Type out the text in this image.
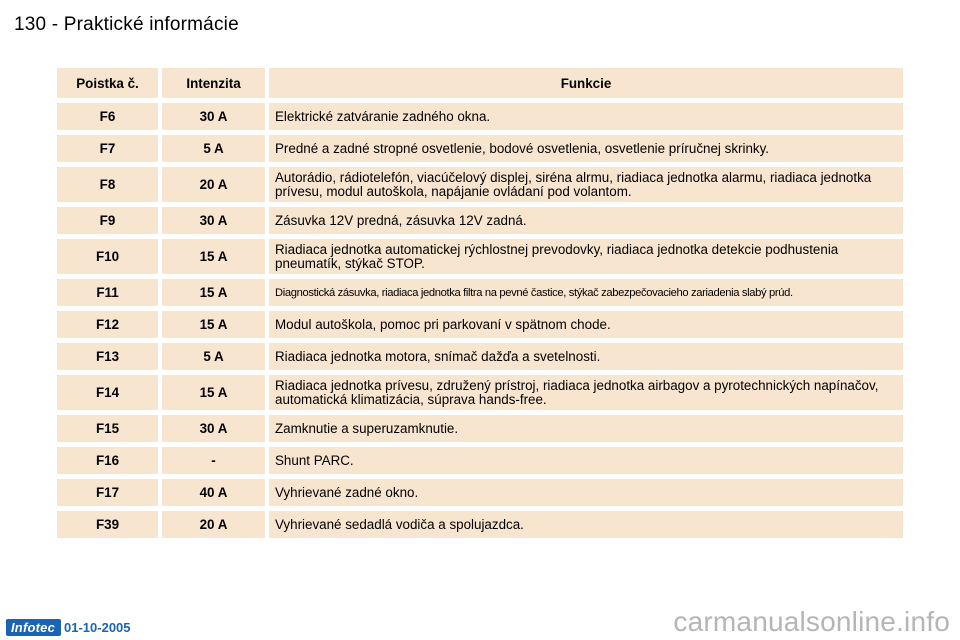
130 - Praktické informácie
Poistka č.	Intenzita	Funkcie
F6	30 A	Elektrické zatváranie zadného okna.
F7	5 A	Predné a zadné stropné osvetlenie, bodové osvetlenia, osvetlenie príručnej skrinky.
F8	20 A	Autorádio, rádiotelefón, viacúčelový displej, siréna alrmu, riadiaca jednotka alarmu, riadiaca jednotka prívesu, modul autoškola, napájanie ovládaní pod volantom.
F9	30 A	Zásuvka 12V predná, zásuvka 12V zadná.
F10	15 A	Riadiaca jednotka automatickej rýchlostnej prevodovky, riadiaca jednotka detekcie podhustenia pneumatík, stýkač STOP.
F11	15 A	Diagnostická zásuvka, riadiaca jednotka filtra na pevné častice, stýkač zabezpečovacieho zariadenia slabý prúd.
F12	15 A	Modul autoškola, pomoc pri parkovaní v spätnom chode.
F13	5 A	Riadiaca jednotka motora, snímač dažďa a svetelnosti.
F14	15 A	Riadiaca jednotka prívesu, združený prístroj, riadiaca jednotka airbagov a pyrotechnických napínačov, automatická klimatizácia, súprava hands-free.
F15	30 A	Zamknutie a superuzamknutie.
F16	-	Shunt PARC.
F17	40 A	Vyhrievané zadné okno.
F39	20 A	Vyhrievané sedadlá vodiča a spolujazdca.
Infotec 01-10-2005	carmanualsonline.info
